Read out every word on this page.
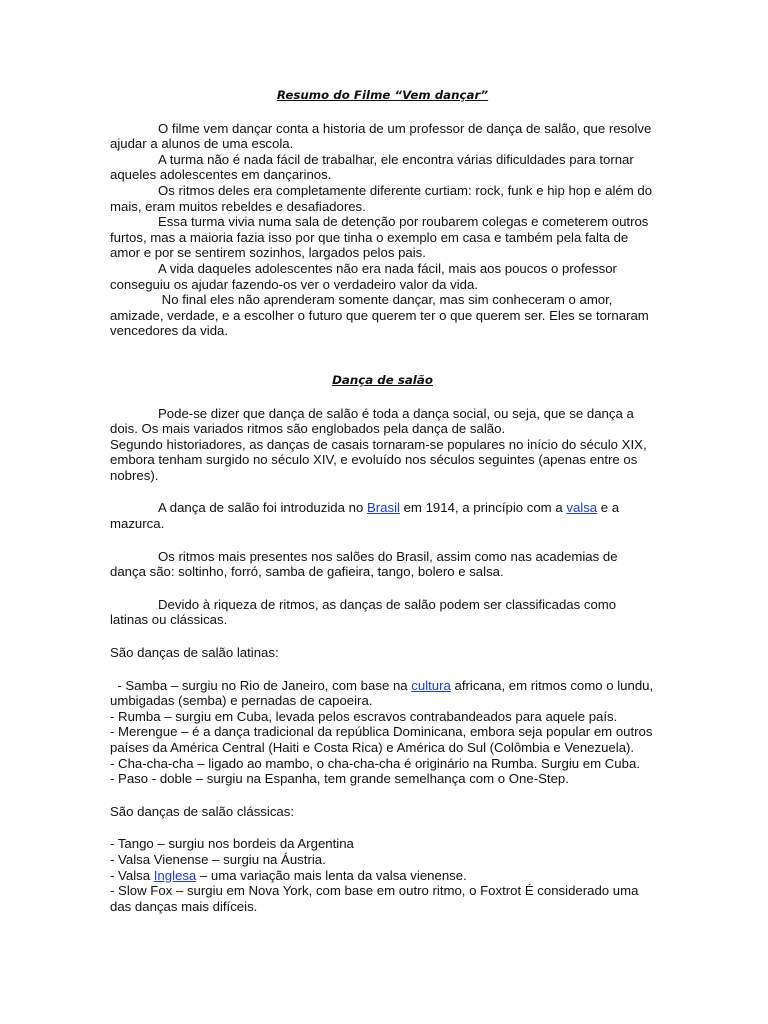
Resumo do Filme “Vem dançar”

O filme vem dançar conta a historia de um professor de dança de salão, que resolve ajudar a alunos de uma escola.

A turma não é nada fácil de trabalhar, ele encontra várias dificuldades para tornar aqueles adolescentes em dançarinos.

Os ritmos deles era completamente diferente curtiam: rock, funk e hip hop e além do mais, eram muitos rebeldes e desafiadores.

Essa turma vivia numa sala de detenção por roubarem colegas e cometerem outros furtos, mas a maioria fazia isso por que tinha o exemplo em casa e também pela falta de amor e por se sentirem sozinhos, largados pelos pais.

A vida daqueles adolescentes não era nada fácil, mais aos poucos o professor conseguiu os ajudar fazendo-os ver o verdadeiro valor da vida.

No final eles não aprenderam somente dançar, mas sim conheceram o amor, amizade, verdade, e a escolher o futuro que querem ter o que querem ser. Eles se tornaram vencedores da vida.

Dança de salão

Pode-se dizer que dança de salão é toda a dança social, ou seja, que se dança a dois. Os mais variados ritmos são englobados pela dança de salão.

Segundo historiadores, as danças de casais tornaram-se populares no início do século XIX, embora tenham surgido no século XIV, e evoluído nos séculos seguintes (apenas entre os nobres).

A dança de salão foi introduzida no Brasil em 1914, a princípio com a valsa e a mazurca.

Os ritmos mais presentes nos salões do Brasil, assim como nas academias de dança são: soltinho, forró, samba de gafieira, tango, bolero e salsa.

Devido à riqueza de ritmos, as danças de salão podem ser classificadas como latinas ou clássicas.

São danças de salão latinas:

- Samba – surgiu no Rio de Janeiro, com base na cultura africana, em ritmos como o lundu, umbigadas (semba) e pernadas de capoeira.

- Rumba – surgiu em Cuba, levada pelos escravos contrabandeados para aquele país.

- Merengue – é a dança tradicional da república Dominicana, embora seja popular em outros países da América Central (Haiti e Costa Rica) e América do Sul (Colômbia e Venezuela).

- Cha-cha-cha – ligado ao mambo, o cha-cha-cha é originário na Rumba. Surgiu em Cuba.

- Paso - doble – surgiu na Espanha, tem grande semelhança com o One-Step.

São danças de salão clássicas:

- Tango – surgiu nos bordeis da Argentina

- Valsa Vienense – surgiu na Áustria.

- Valsa Inglesa – uma variação mais lenta da valsa vienense.

- Slow Fox – surgiu em Nova York, com base em outro ritmo, o Foxtrot É considerado uma das danças mais difíceis.
